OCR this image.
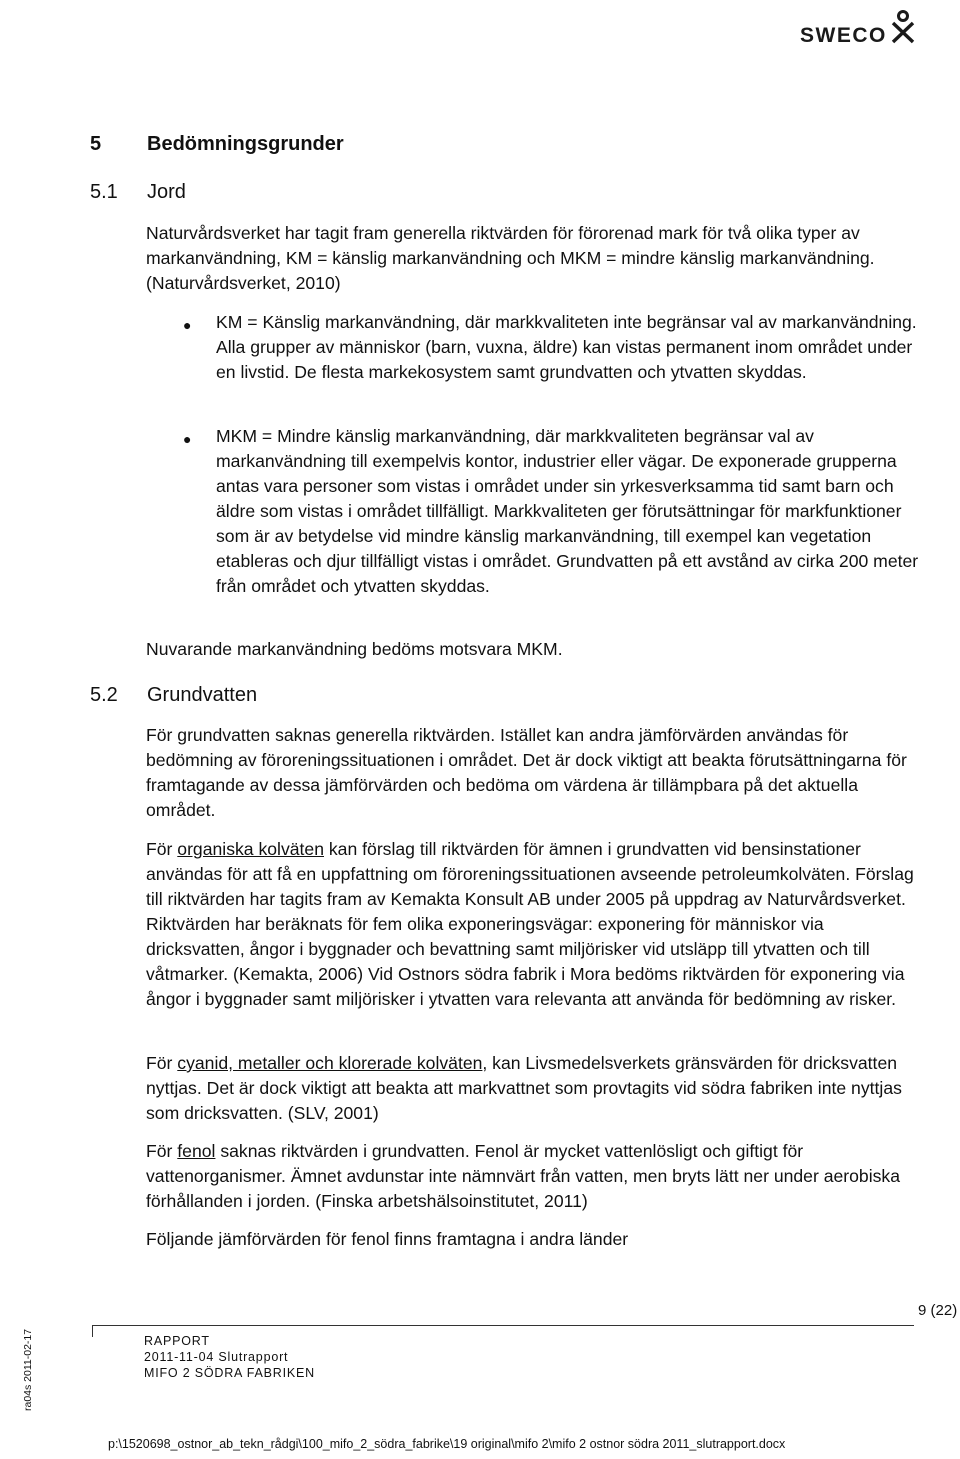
SWECO
5 Bedömningsgrunder
5.1 Jord

Naturvårdsverket har tagit fram generella riktvärden för förorenad mark för två olika typer av markanvändning, KM = känslig markanvändning och MKM = mindre känslig markanvändning. (Naturvårdsverket, 2010)

● KM = Känslig markanvändning, där markkvaliteten inte begränsar val av markanvändning. Alla grupper av människor (barn, vuxna, äldre) kan vistas permanent inom området under en livstid. De flesta markekosystem samt grundvatten och ytvatten skyddas.

● MKM = Mindre känslig markanvändning, där markkvaliteten begränsar val av markanvändning till exempelvis kontor, industrier eller vägar. De exponerade grupperna antas vara personer som vistas i området under sin yrkesverksamma tid samt barn och äldre som vistas i området tillfälligt. Markkvaliteten ger förutsättningar för markfunktioner som är av betydelse vid mindre känslig markanvändning, till exempel kan vegetation etableras och djur tillfälligt vistas i området. Grundvatten på ett avstånd av cirka 200 meter från området och ytvatten skyddas.

Nuvarande markanvändning bedöms motsvara MKM.

5.2 Grundvatten

För grundvatten saknas generella riktvärden. Istället kan andra jämförvärden användas för bedömning av föroreningssituationen i området. Det är dock viktigt att beakta förutsättningarna för framtagande av dessa jämförvärden och bedöma om värdena är tillämpbara på det aktuella området.

För organiska kolväten kan förslag till riktvärden för ämnen i grundvatten vid bensinstationer användas för att få en uppfattning om föroreningssituationen avseende petroleumkolväten. Förslag till riktvärden har tagits fram av Kemakta Konsult AB under 2005 på uppdrag av Naturvårdsverket. Riktvärden har beräknats för fem olika exponeringsvägar: exponering för människor via dricksvatten, ångor i byggnader och bevattning samt miljörisker vid utsläpp till ytvatten och till våtmarker. (Kemakta, 2006) Vid Ostnors södra fabrik i Mora bedöms riktvärden för exponering via ångor i byggnader samt miljörisker i ytvatten vara relevanta att använda för bedömning av risker.

För cyanid, metaller och klorerade kolväten, kan Livsmedelsverkets gränsvärden för dricksvatten nyttjas. Det är dock viktigt att beakta att markvattnet som provtagits vid södra fabriken inte nyttjas som dricksvatten. (SLV, 2001)

För fenol saknas riktvärden i grundvatten. Fenol är mycket vattenlösligt och giftigt för vattenorganismer. Ämnet avdunstar inte nämnvärt från vatten, men bryts lätt ner under aerobiska förhållanden i jorden. (Finska arbetshälsoinstitutet, 2011)

Följande jämförvärden för fenol finns framtagna i andra länder

9 (22)
RAPPORT
2011-11-04 Slutrapport
MIFO 2 SÖDRA FABRIKEN
ra04s 2011-02-17
p:\1520698_ostnor_ab_tekn_rådgi\100_mifo_2_södra_fabrike\19 original\mifo 2\mifo 2 ostnor södra 2011_slutrapport.docx
